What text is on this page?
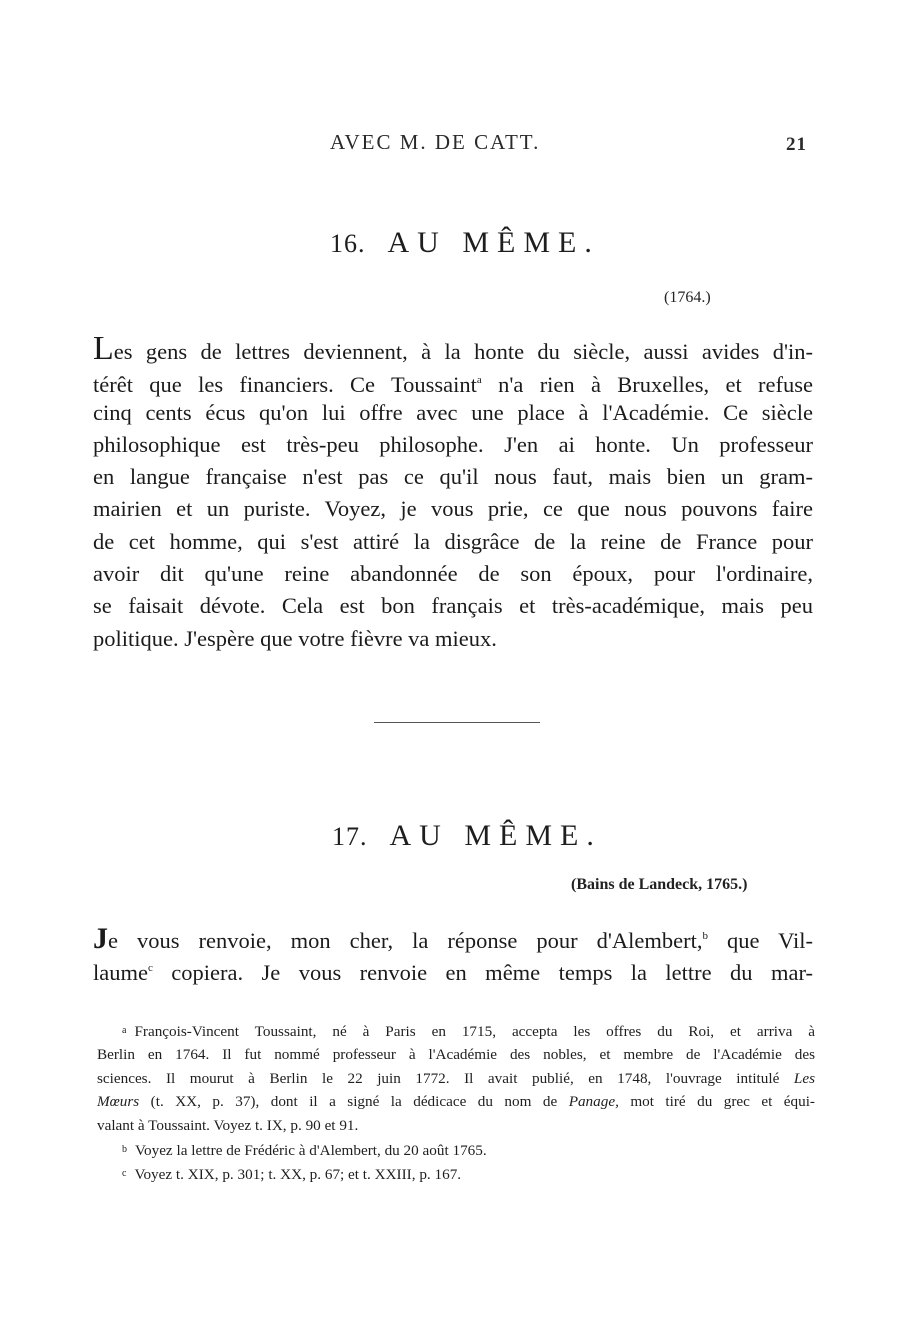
AVEC M. DE CATT.	21
16. AU MÊME.
(1764.)
Les gens de lettres deviennent, à la honte du siècle, aussi avides d'in-
térêt que les financiers. Ce Toussaint$^a$ n'a rien à Bruxelles, et refuse
cinq cents écus qu'on lui offre avec une place à l'Académie. Ce siècle
philosophique est très-peu philosophe. J'en ai honte. Un professeur
en langue française n'est pas ce qu'il nous faut, mais bien un gram-
mairien et un puriste. Voyez, je vous prie, ce que nous pouvons faire
de cet homme, qui s'est attiré la disgrâce de la reine de France pour
avoir dit qu'une reine abandonnée de son époux, pour l'ordinaire,
se faisait dévote. Cela est bon français et très-académique, mais peu
politique. J'espère que votre fièvre va mieux.
17. AU MÊME.
(Bains de Landeck, 1765.)
Je vous renvoie, mon cher, la réponse pour d'Alembert,$^b$ que Vil-
laume$^c$ copiera. Je vous renvoie en même temps la lettre du mar-
a François-Vincent Toussaint, né à Paris en 1715, accepta les offres du Roi, et arriva à
Berlin en 1764. Il fut nommé professeur à l'Académie des nobles, et membre de l'Académie des
sciences. Il mourut à Berlin le 22 juin 1772. Il avait publié, en 1748, l'ouvrage intitulé Les
Mœurs (t. XX, p. 37), dont il a signé la dédicace du nom de Panage, mot tiré du grec et équi-
valant à Toussaint. Voyez t. IX, p. 90 et 91.
b Voyez la lettre de Frédéric à d'Alembert, du 20 août 1765.
c Voyez t. XIX, p. 301; t. XX, p. 67; et t. XXIII, p. 167.
